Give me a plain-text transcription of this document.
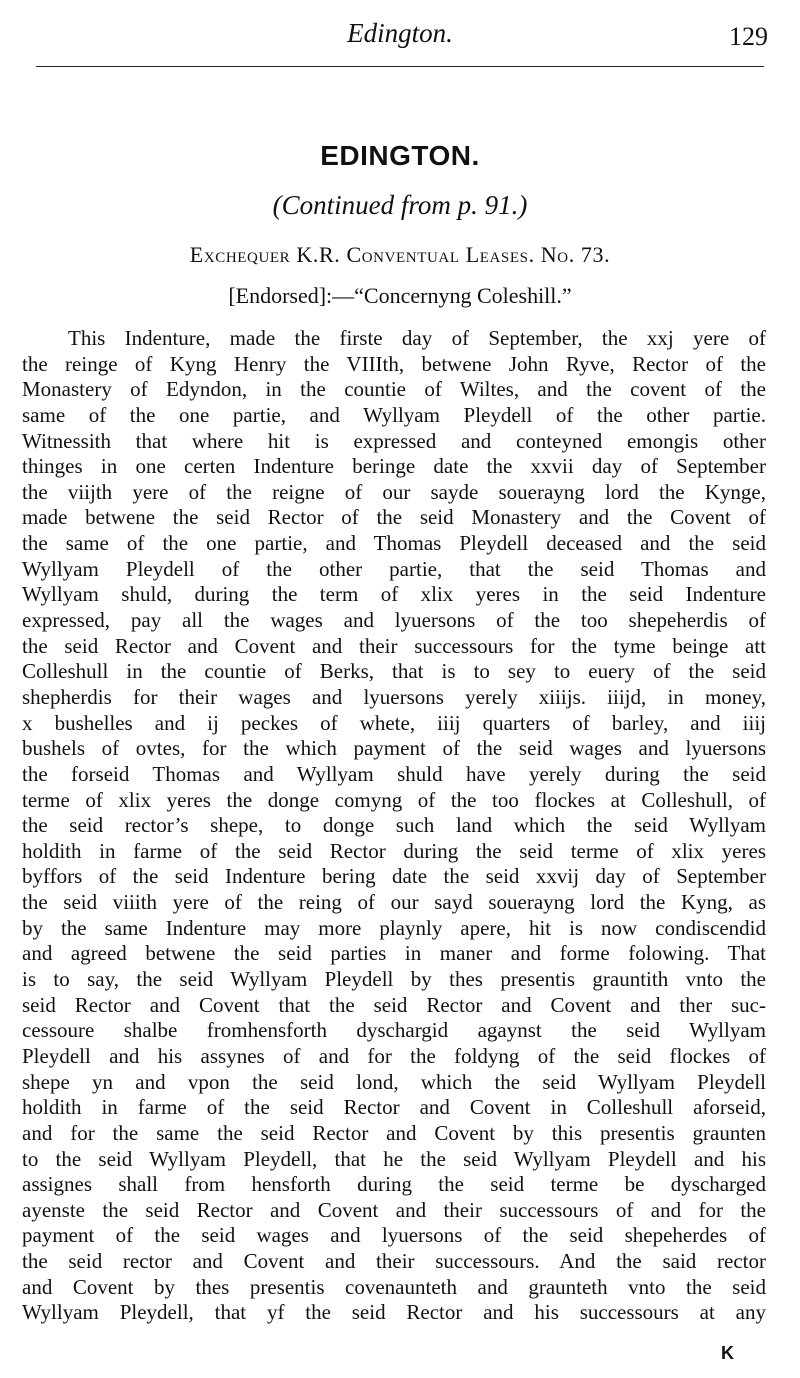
Edington.	129
EDINGTON.
(Continued from p. 91.)
Exchequer K.R. Conventual Leases. No. 73.
[Endorsed]:—“Concernyng Coleshill.”
This Indenture, made the firste day of September, the xxj yere of
the reinge of Kyng Henry the VIIIth, betwene John Ryve, Rector of the
Monastery of Edyndon, in the countie of Wiltes, and the covent of the
same of the one partie, and Wyllyam Pleydell of the other partie.
Witnessith that where hit is expressed and conteyned emongis other
thinges in one certen Indenture beringe date the xxvii day of September
the viijth yere of the reigne of our sayde souerayng lord the Kynge,
made betwene the seid Rector of the seid Monastery and the Covent of
the same of the one partie, and Thomas Pleydell deceased and the seid
Wyllyam Pleydell of the other partie, that the seid Thomas and
Wyllyam shuld, during the term of xlix yeres in the seid Indenture
expressed, pay all the wages and lyuersons of the too shepeherdis of
the seid Rector and Covent and their successours for the tyme beinge att
Colleshull in the countie of Berks, that is to sey to euery of the seid
shepherdis for their wages and lyuersons yerely xiiijs. iiijd, in money,
x bushelles and ij peckes of whete, iiij quarters of barley, and iiij
bushels of ovtes, for the which payment of the seid wages and lyuersons
the forseid Thomas and Wyllyam shuld have yerely during the seid
terme of xlix yeres the donge comyng of the too flockes at Colleshull, of
the seid rector’s shepe, to donge such land which the seid Wyllyam
holdith in farme of the seid Rector during the seid terme of xlix yeres
byffors of the seid Indenture bering date the seid xxvij day of September
the seid viiith yere of the reing of our sayd souerayng lord the Kyng, as
by the same Indenture may more playnly apere, hit is now condiscendid
and agreed betwene the seid parties in maner and forme folowing. That
is to say, the seid Wyllyam Pleydell by thes presentis grauntith vnto the
seid Rector and Covent that the seid Rector and Covent and ther suc-
cessoure shalbe fromhensforth dyschargid agaynst the seid Wyllyam
Pleydell and his assynes of and for the foldyng of the seid flockes of
shepe yn and vpon the seid lond, which the seid Wyllyam Pleydell
holdith in farme of the seid Rector and Covent in Colleshull aforseid,
and for the same the seid Rector and Covent by this presentis graunten
to the seid Wyllyam Pleydell, that he the seid Wyllyam Pleydell and his
assignes shall from hensforth during the seid terme be dyscharged
ayenste the seid Rector and Covent and their successours of and for the
payment of the seid wages and lyuersons of the seid shepeherdes of
the seid rector and Covent and their successours. And the said rector
and Covent by thes presentis covenaunteth and graunteth vnto the seid
Wyllyam Pleydell, that yf the seid Rector and his successours at any
K
